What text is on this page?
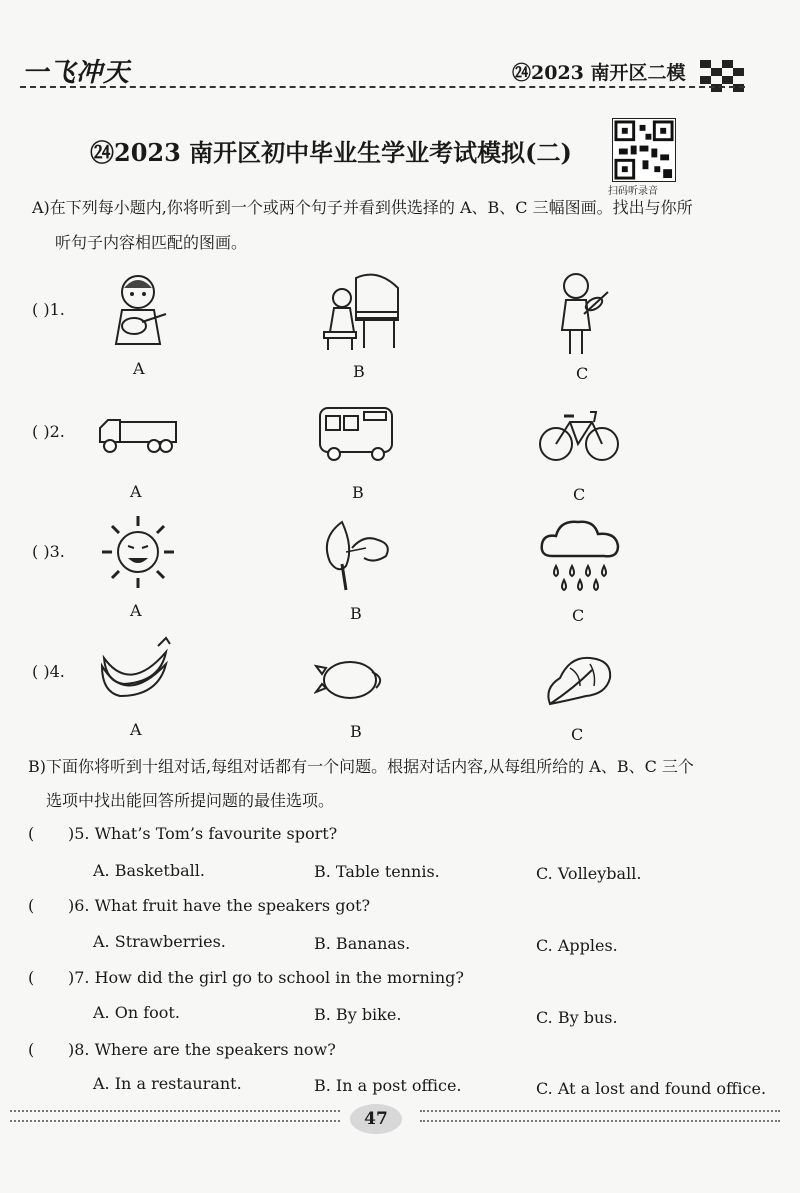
一飞冲天	㉔2023 南开区二模
㉔2023 南开区初中毕业生学业考试模拟(二)
扫码听录音
A)在下列每小题内,你将听到一个或两个句子并看到供选择的 A、B、C 三幅图画。找出与你所
听句子内容相匹配的图画。
( )1.
A	B	C
( )2.
A	B	C
( )3.
A	B	C
( )4.
A	B	C
B)下面你将听到十组对话,每组对话都有一个问题。根据对话内容,从每组所给的 A、B、C 三个
选项中找出能回答所提问题的最佳选项。
( )5. What’s Tom’s favourite sport?
A. Basketball.	B. Table tennis.	C. Volleyball.
( )6. What fruit have the speakers got?
A. Strawberries.	B. Bananas.	C. Apples.
( )7. How did the girl go to school in the morning?
A. On foot.	B. By bike.	C. By bus.
( )8. Where are the speakers now?
A. In a restaurant.	B. In a post office.	C. At a lost and found office.
47
